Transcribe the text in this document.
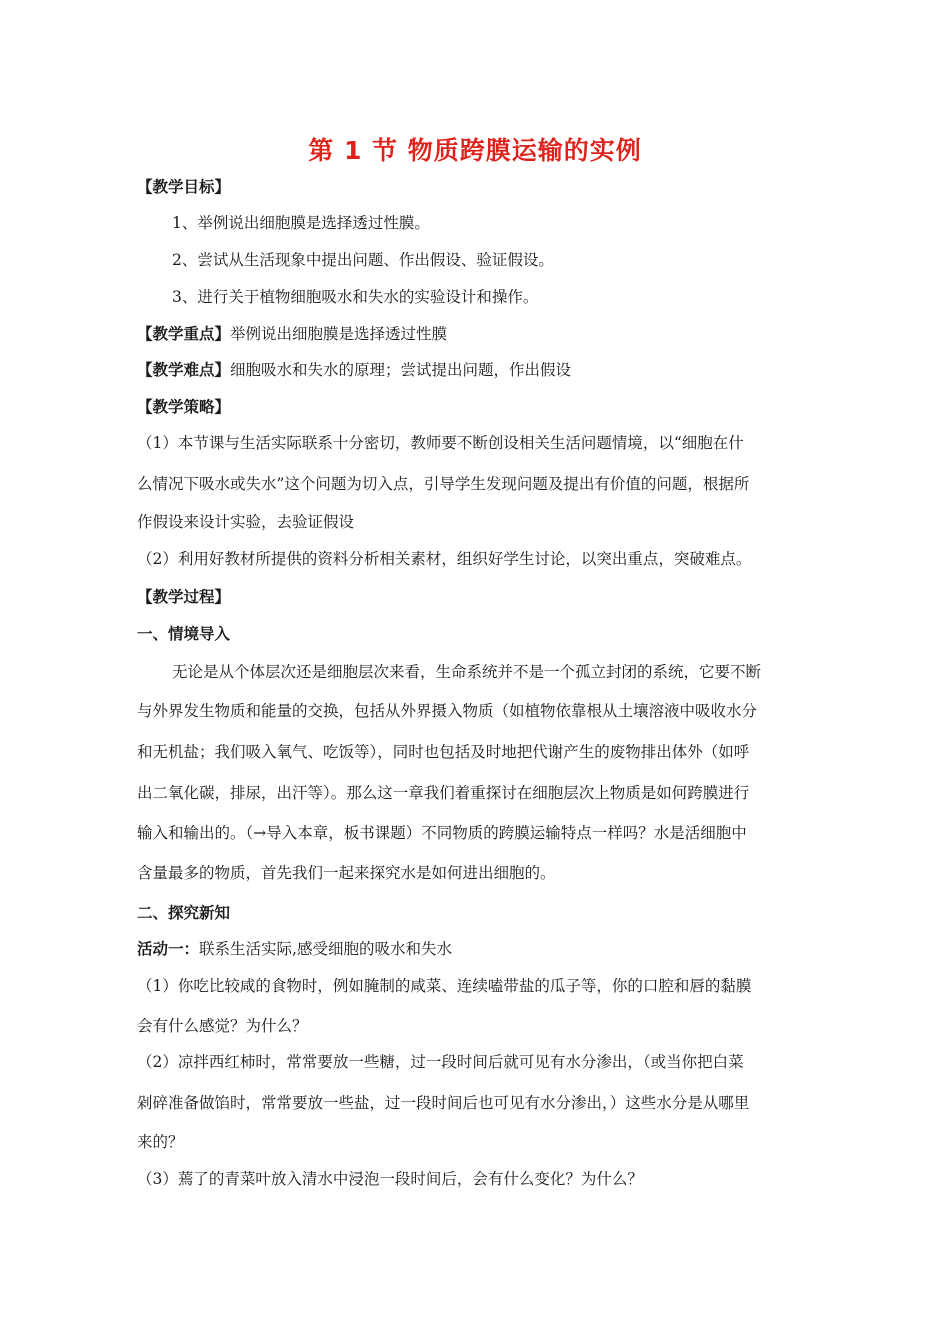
第 1 节 物质跨膜运输的实例

【教学目标】

1、举例说出细胞膜是选择透过性膜。

2、尝试从生活现象中提出问题、作出假设、验证假设。

3、进行关于植物细胞吸水和失水的实验设计和操作。

【教学重点】举例说出细胞膜是选择透过性膜

【教学难点】细胞吸水和失水的原理；尝试提出问题，作出假设

【教学策略】

（1）本节课与生活实际联系十分密切，教师要不断创设相关生活问题情境，以“细胞在什

么情况下吸水或失水”这个问题为切入点，引导学生发现问题及提出有价值的问题，根据所

作假设来设计实验，去验证假设

（2）利用好教材所提供的资料分析相关素材，组织好学生讨论，以突出重点，突破难点。

【教学过程】

一、情境导入

无论是从个体层次还是细胞层次来看，生命系统并不是一个孤立封闭的系统，它要不断

与外界发生物质和能量的交换，包括从外界摄入物质（如植物依靠根从土壤溶液中吸收水分

和无机盐；我们吸入氧气、吃饭等），同时也包括及时地把代谢产生的废物排出体外（如呼

出二氧化碳，排尿，出汗等）。那么这一章我们着重探讨在细胞层次上物质是如何跨膜进行

输入和输出的。（→导入本章，板书课题）不同物质的跨膜运输特点一样吗？水是活细胞中

含量最多的物质，首先我们一起来探究水是如何进出细胞的。

二、探究新知

活动一：联系生活实际,感受细胞的吸水和失水

（1）你吃比较咸的食物时，例如腌制的咸菜、连续嗑带盐的瓜子等，你的口腔和唇的黏膜

会有什么感觉？为什么？

（2）凉拌西红柿时，常常要放一些糖，过一段时间后就可见有水分渗出，（或当你把白菜

剁碎准备做馅时，常常要放一些盐，过一段时间后也可见有水分渗出，）这些水分是从哪里

来的？

（3）蔫了的青菜叶放入清水中浸泡一段时间后，会有什么变化？为什么？
